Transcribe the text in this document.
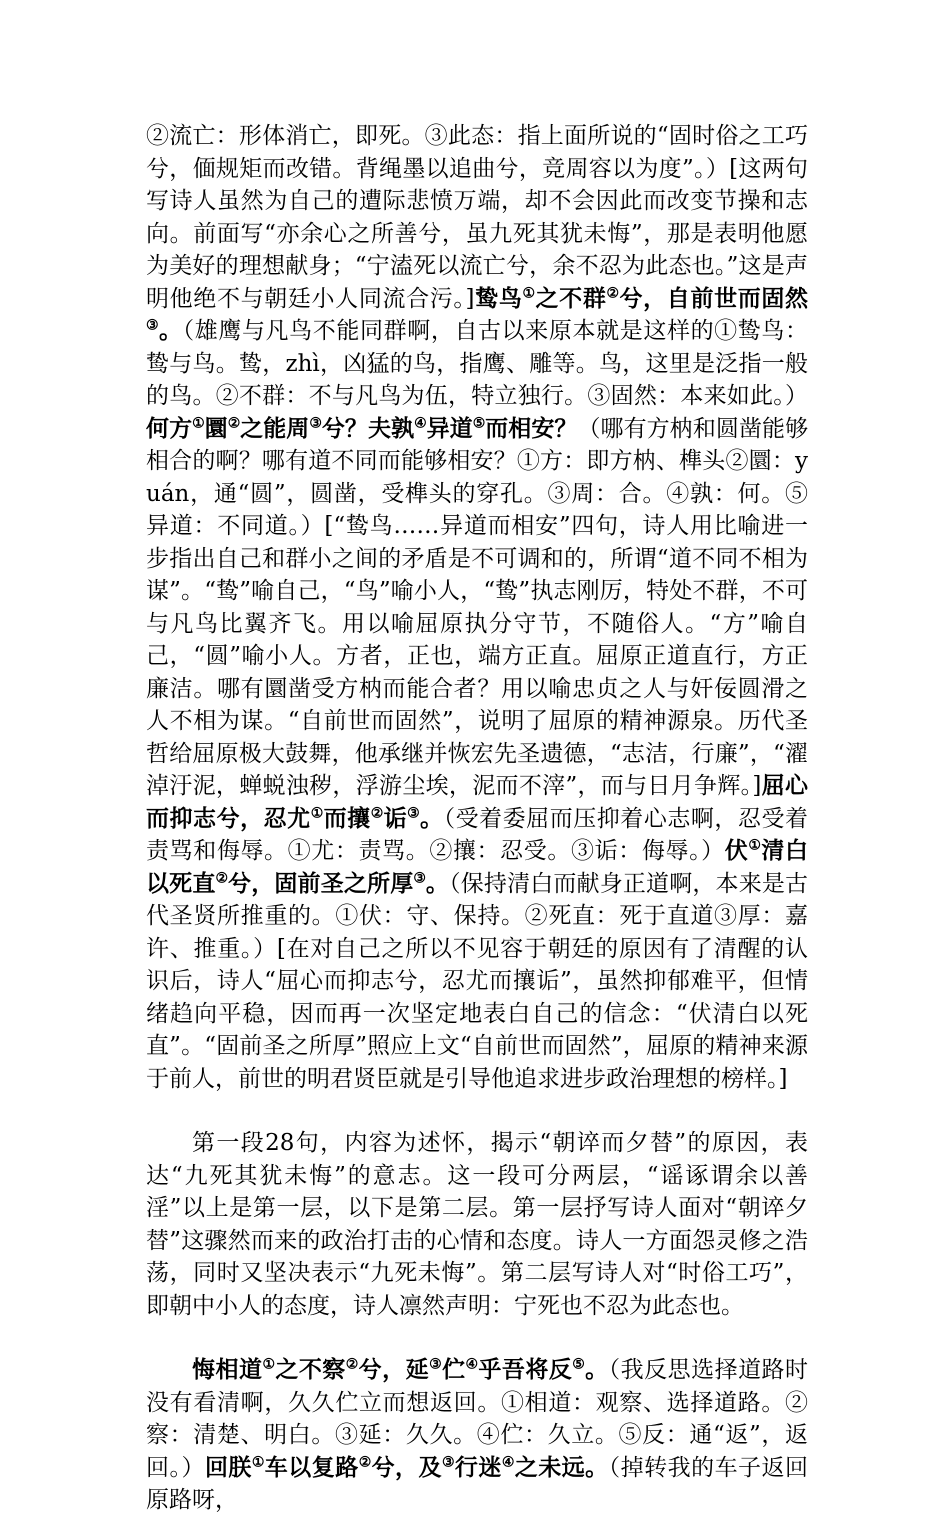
②流亡：形体消亡，即死。③此态：指上面所说的“固时俗之工巧兮，偭规矩而改错。背绳墨以追曲兮，竞周容以为度”。）[这两句写诗人虽然为自己的遭际悲愤万端，却不会因此而改变节操和志向。前面写“亦余心之所善兮，虽九死其犹未悔”，那是表明他愿为美好的理想献身；“宁溘死以流亡兮，余不忍为此态也。”这是声明他绝不与朝廷小人同流合污。]鸷鸟①之不群②兮，自前世而固然③。（雄鹰与凡鸟不能同群啊，自古以来原本就是这样的①鸷鸟：鸷与鸟。鸷，zhì，凶猛的鸟，指鹰、雕等。鸟，这里是泛指一般的鸟。②不群：不与凡鸟为伍，特立独行。③固然：本来如此。）何方①圜②之能周③兮？夫孰④异道⑤而相安？（哪有方枘和圆凿能够相合的啊？哪有道不同而能够相安？①方：即方枘、榫头②圜：yuán，通“圆”，圆凿，受榫头的穿孔。③周：合。④孰：何。⑤异道：不同道。）[“鸷鸟……异道而相安”四句，诗人用比喻进一步指出自己和群小之间的矛盾是不可调和的，所谓“道不同不相为谋”。“鸷”喻自己，“鸟”喻小人，“鸷”执志刚厉，特处不群，不可与凡鸟比翼齐飞。用以喻屈原执分守节，不随俗人。“方”喻自己，“圆”喻小人。方者，正也，端方正直。屈原正道直行，方正廉洁。哪有圜凿受方枘而能合者？用以喻忠贞之人与奸佞圆滑之人不相为谋。“自前世而固然”，说明了屈原的精神源泉。历代圣哲给屈原极大鼓舞，他承继并恢宏先圣遗德，“志洁，行廉”，“濯淖汙泥，蝉蜕浊秽，浮游尘埃，泥而不滓”，而与日月争辉。]屈心而抑志兮，忍尤①而攘②诟③。（受着委屈而压抑着心志啊，忍受着责骂和侮辱。①尤：责骂。②攘：忍受。③诟：侮辱。）伏①清白以死直②兮，固前圣之所厚③。（保持清白而献身正道啊，本来是古代圣贤所推重的。①伏：守、保持。②死直：死于直道③厚：嘉许、推重。）[在对自己之所以不见容于朝廷的原因有了清醒的认识后，诗人“屈心而抑志兮，忍尤而攘诟”，虽然抑郁难平，但情绪趋向平稳，因而再一次坚定地表白自己的信念：“伏清白以死直”。“固前圣之所厚”照应上文“自前世而固然”，屈原的精神来源于前人，前世的明君贤臣就是引导他追求进步政治理想的榜样。]

第一段28句，内容为述怀，揭示“朝谇而夕替”的原因，表达“九死其犹未悔”的意志。这一段可分两层，“谣诼谓余以善淫”以上是第一层，以下是第二层。第一层抒写诗人面对“朝谇夕替”这骤然而来的政治打击的心情和态度。诗人一方面怨灵修之浩荡，同时又坚决表示“九死未悔”。第二层写诗人对“时俗工巧”，即朝中小人的态度，诗人凛然声明：宁死也不忍为此态也。

悔相道①之不察②兮，延③伫④乎吾将反⑤。（我反思选择道路时没有看清啊，久久伫立而想返回。①相道：观察、选择道路。②察：清楚、明白。③延：久久。④伫：久立。⑤反：通“返”，返回。）回朕①车以复路②兮，及③行迷④之未远。（掉转我的车子返回原路呀，
